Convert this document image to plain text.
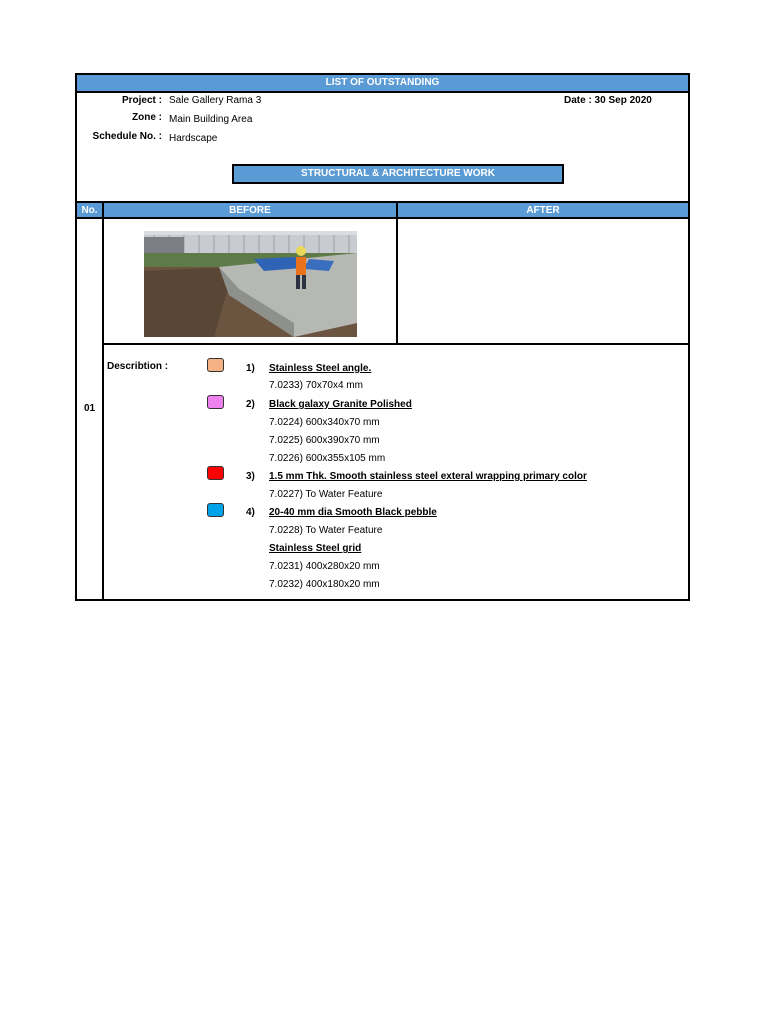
LIST OF OUTSTANDING
Project : Sale Gallery Rama 3
Zone : Main Building Area
Schedule No. : Hardscape
Date : 30 Sep 2020
STRUCTURAL & ARCHITECTURE WORK
No.	BEFORE	AFTER
01
Describtion :	1) Stainless Steel angle.
7.0233) 70x70x4 mm
2) Black galaxy Granite Polished
7.0224) 600x340x70 mm
7.0225) 600x390x70 mm
7.0226) 600x355x105 mm
3) 1.5 mm Thk. Smooth stainless steel exteral wrapping primary color
7.0227) To Water Feature
4) 20-40 mm dia Smooth Black pebble
7.0228) To Water Feature
Stainless Steel grid
7.0231) 400x280x20 mm
7.0232) 400x180x20 mm
